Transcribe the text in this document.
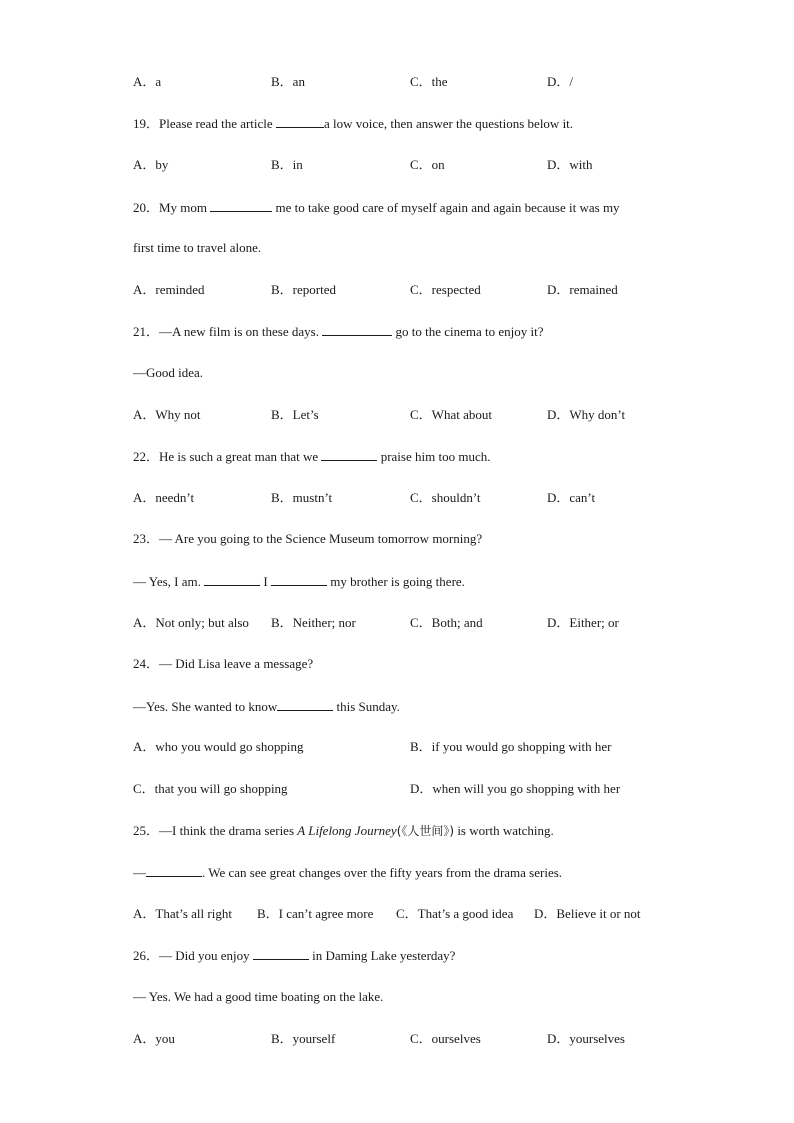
A．a	B．an	C．the	D．/
19．Please read the article	a low voice, then answer the questions below it.
A．by	B．in	C．on	D．with
20．My mom	me to take good care of myself again and again because it was my
first time to travel alone.
A．reminded	B．reported	C．respected	D．remained
21．—A new film is on these days.	go to the cinema to enjoy it?
—Good idea.
A．Why not	B．Let’s	C．What about	D．Why don’t
22．He is such a great man that we	praise him too much.
A．needn’t	B．mustn’t	C．shouldn’t	D．can’t
23．— Are you going to the Science Museum tomorrow morning?
— Yes, I am.	I	my brother is going there.
A．Not only; but also B．Neither; nor	C．Both; and	D．Either; or
24．— Did Lisa leave a message?
—Yes. She wanted to know	this Sunday.
A．who you would go shopping	B．if you would go shopping with her
C．that you will go shopping	D．when will you go shopping with her
25．—I think the drama series A Lifelong Journey(《人世间》) is worth watching.
—	. We can see great changes over the fifty years from the drama series.
A．That’s all right B．I can’t agree more C．That’s a good idea D．Believe it or not
26．— Did you enjoy	in Daming Lake yesterday?
— Yes. We had a good time boating on the lake.
A．you	B．yourself	C．ourselves	D．yourselves
